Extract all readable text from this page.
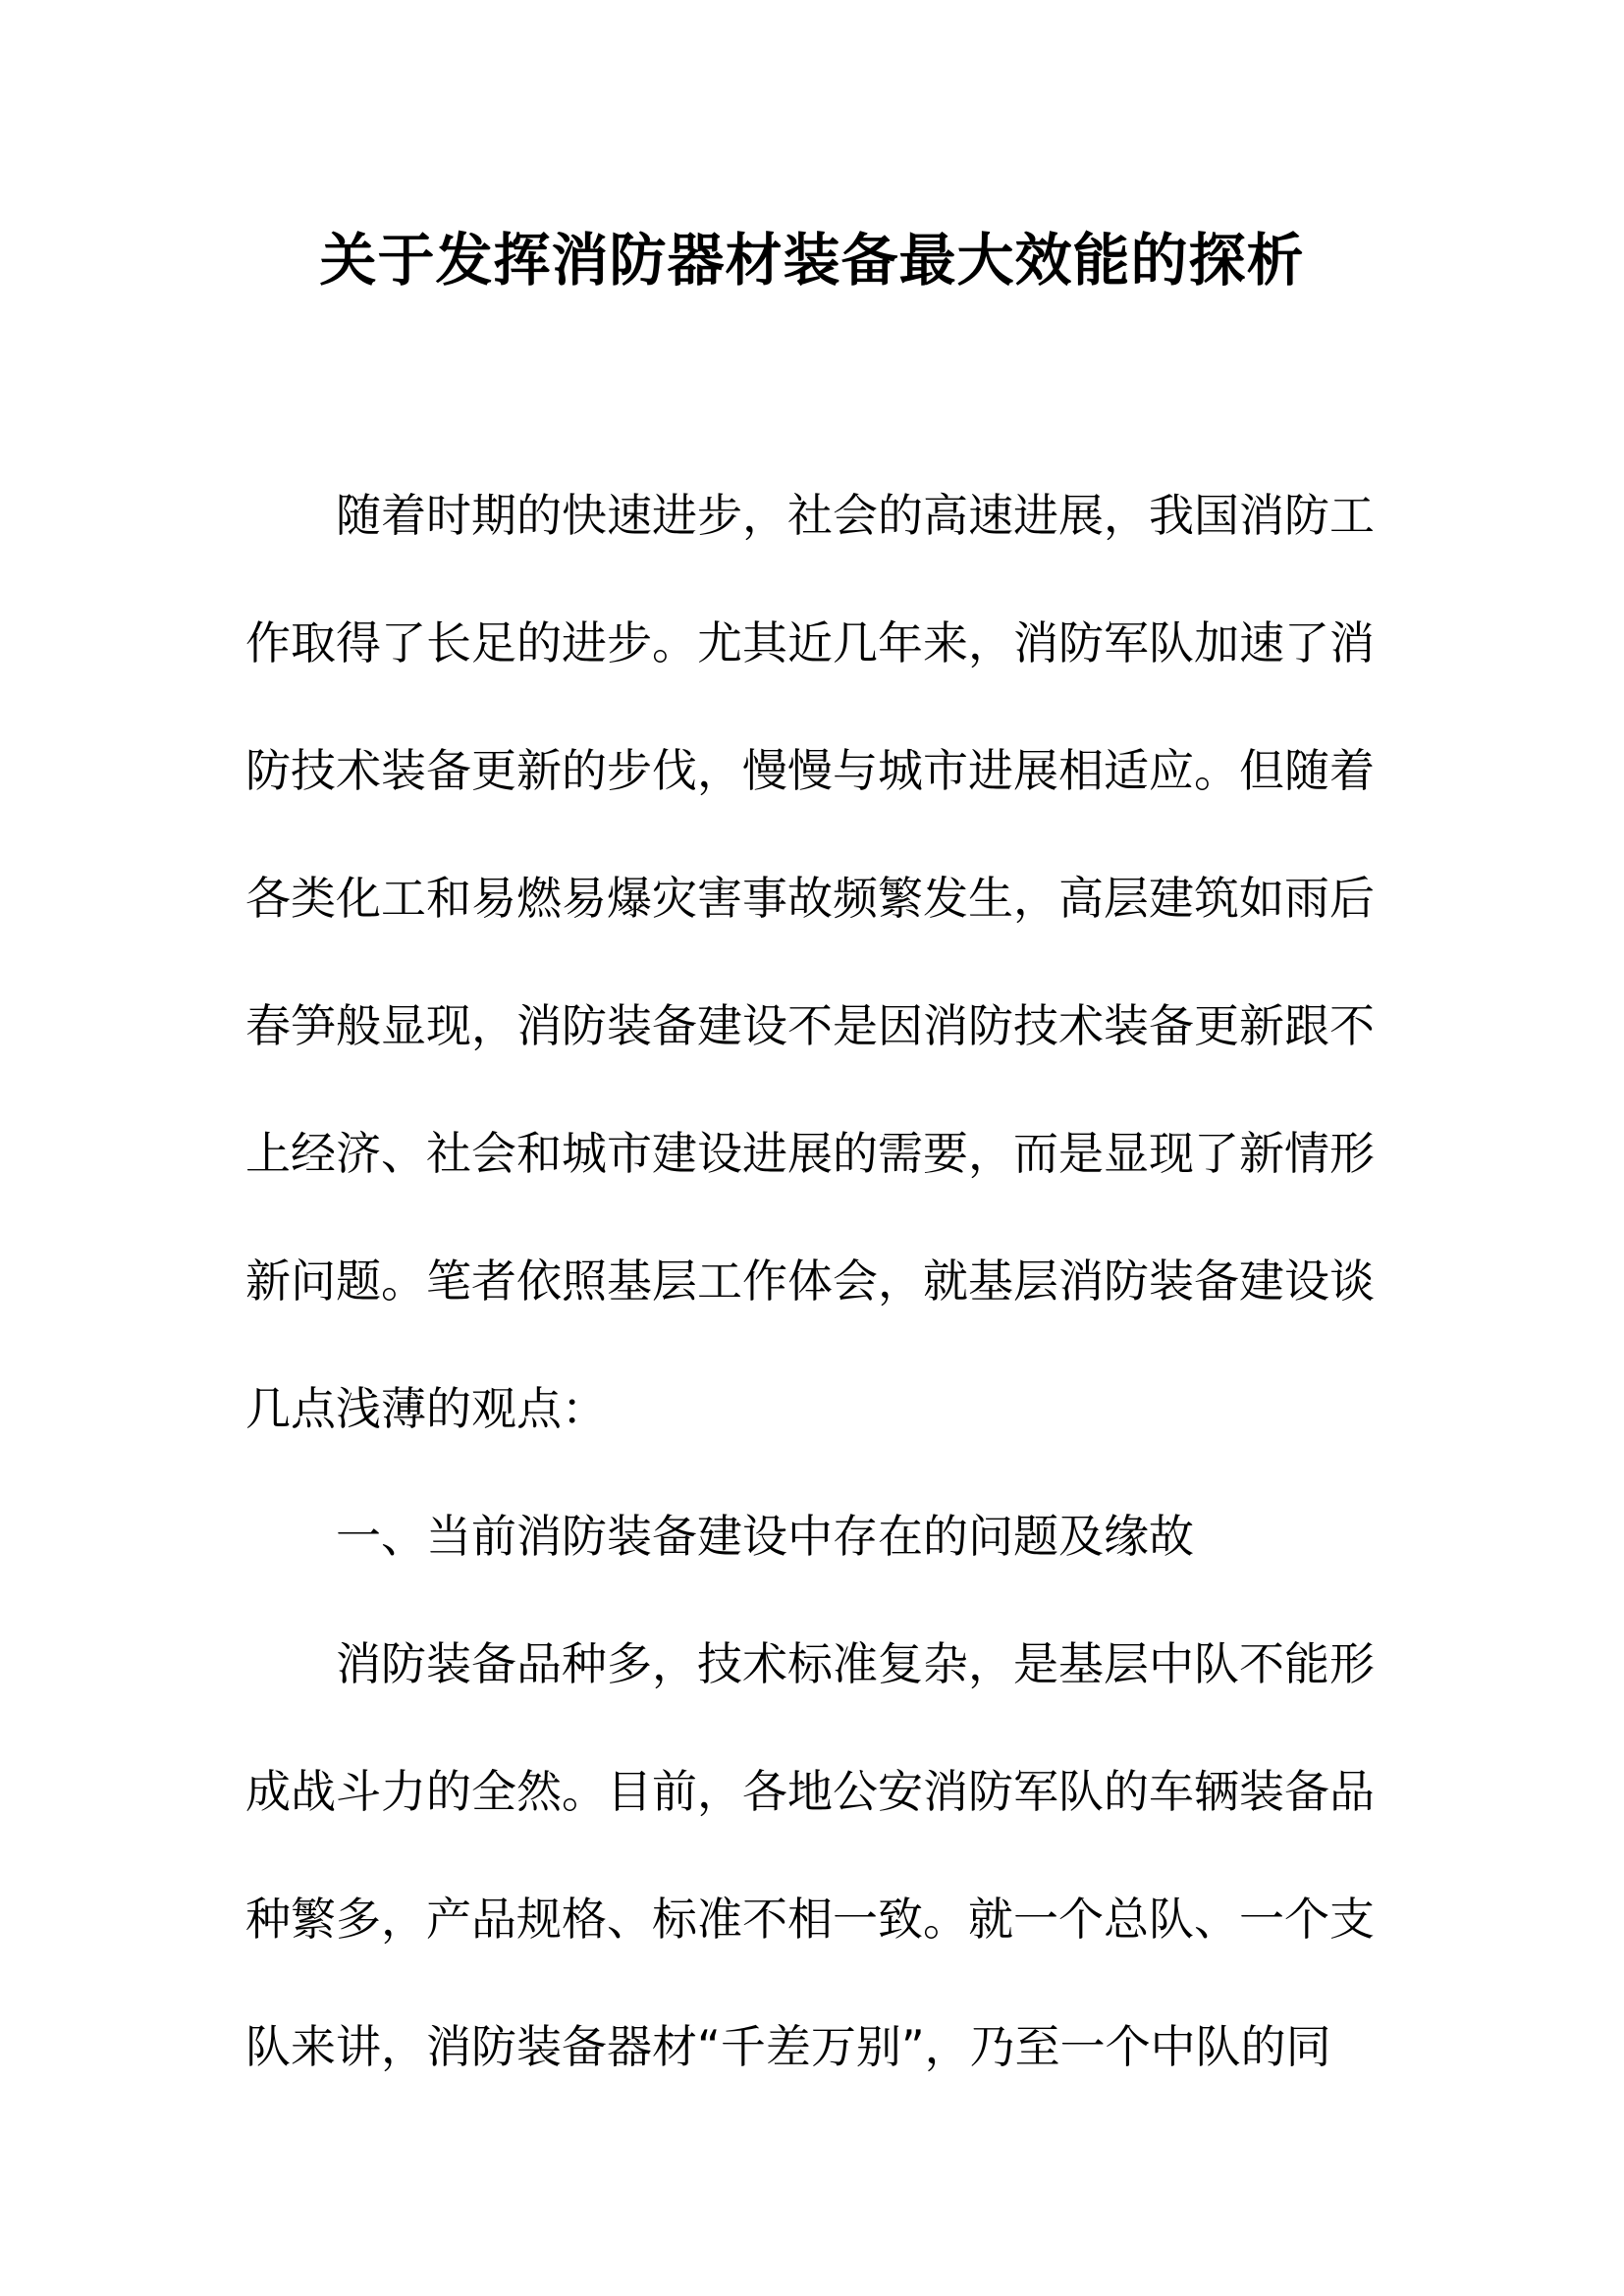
关于发挥消防器材装备最大效能的探析

随着时期的快速进步，社会的高速进展，我国消防工

作取得了长足的进步。尤其近几年来，消防军队加速了消

防技术装备更新的步伐，慢慢与城市进展相适应。但随着

各类化工和易燃易爆灾害事故频繁发生，高层建筑如雨后

春笋般显现，消防装备建设不是因消防技术装备更新跟不

上经济、社会和城市建设进展的需要，而是显现了新情形

新问题。笔者依照基层工作体会，就基层消防装备建设谈

几点浅薄的观点：

一、当前消防装备建设中存在的问题及缘故

消防装备品种多，技术标准复杂，是基层中队不能形

成战斗力的全然。目前，各地公安消防军队的车辆装备品

种繁多，产品规格、标准不相一致。就一个总队、一个支

队来讲，消防装备器材“千差万别”，乃至一个中队的同
